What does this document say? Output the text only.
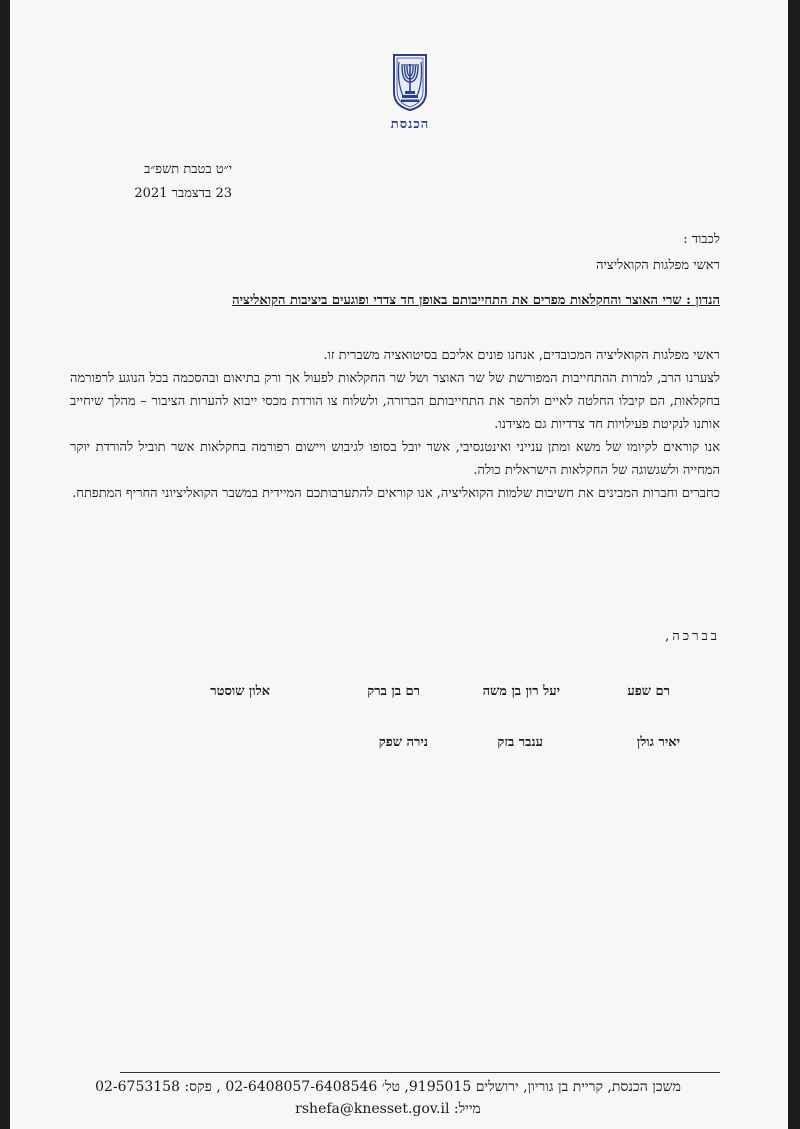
הכנסת
י״ט בטבת תשפ״ב
23 בדצמבר 2021
לכבוד :
ראשי מפלגות הקואליציה
הנדון : שרי האוצר והחקלאות מפרים את התחייבותם באופן חד צדדי ופוגעים ביציבות הקואליציה

ראשי מפלגות הקואליציה המכובדים, אנחנו פונים אליכם בסיטואציה משברית זו.

לצערנו הרב, למרות ההתחייבות המפורשת של שר האוצר ושל שר החקלאות לפעול אך ורק בתיאום ובהסכמה בכל הנוגע לרפורמה בחקלאות, הם קיבלו החלטה לאיים ולהפר את התחייבותם הברורה, ולשלוח צו הורדת מכסי ייבוא להערות הציבור – מהלך שיחייב אותנו לנקיטת פעילויות חד צדדיות גם מצידנו.

אנו קוראים לקיומו של משא ומתן ענייני ואינטנסיבי, אשר יובל בסופו לגיבוש ויישום רפורמה בחקלאות אשר תוביל להורדת יוקר המחייה ולשגשוגה של החקלאות הישראלית כולה.

כחברים וחברות המבינים את חשיבות שלמות הקואליציה, אנו קוראים להתערבותכם המיידית במשבר הקואליציוני החריף המתפתח.

בברכה,
רם שפע
יעל רון בן משה
רם בן ברק
אלון שוסטר
יאיר גולן
ענבר בזק
נירה שפק
משכן הכנסת, קריית בן גוריון, ירושלים 9195015, טל׳ 02-6408057-6408546 , פקס: 02-6753158
מייל: rshefa@knesset.gov.il
